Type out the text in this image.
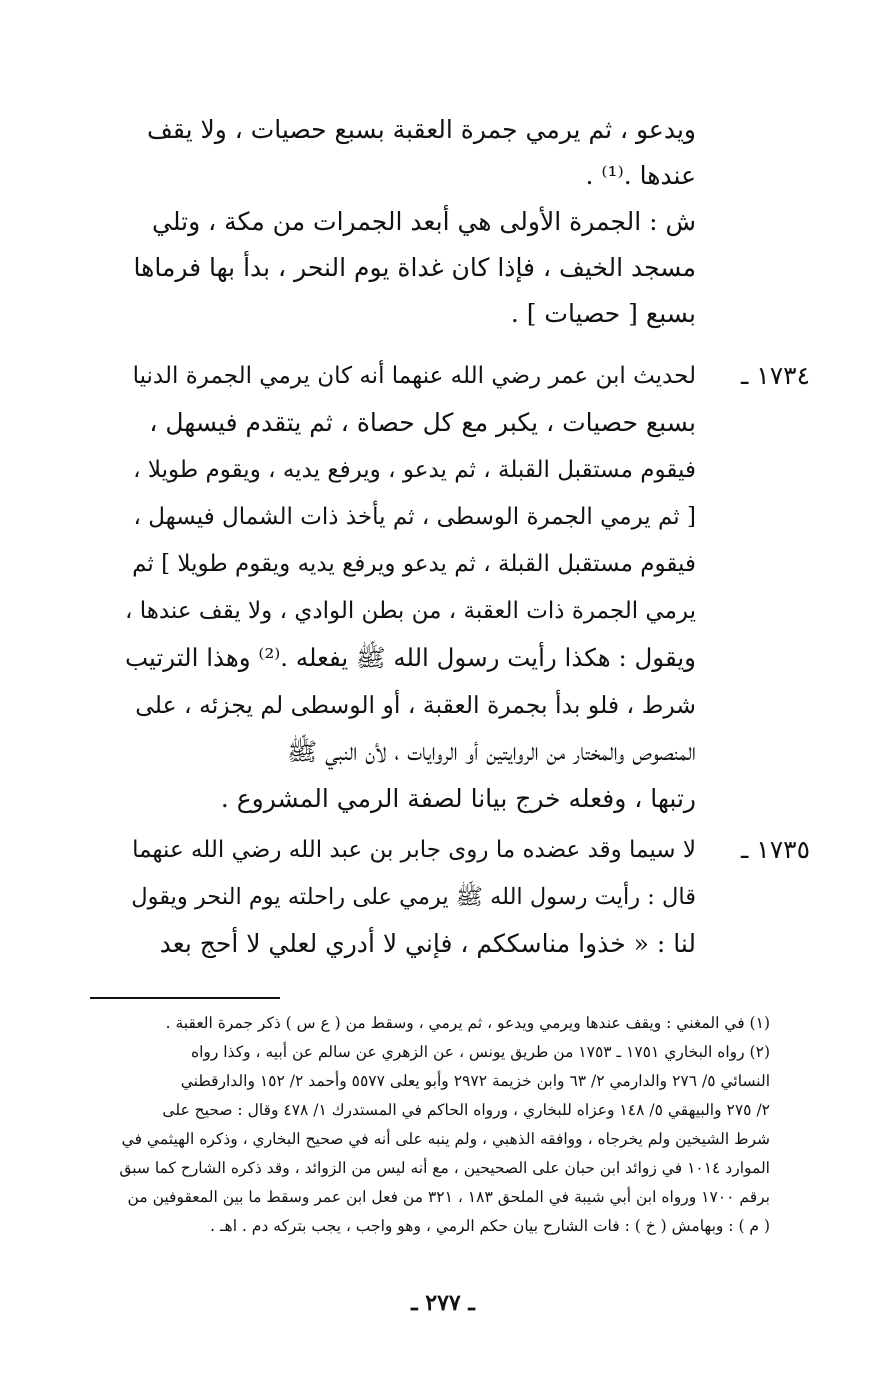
ويدعو ، ثم يرمي جمرة العقبة بسبع حصيات ، ولا يقف
عندها .⁽¹⁾ .
ش : الجمرة الأولى هي أبعد الجمرات من مكة ، وتلي
مسجد الخيف ، فإذا كان غداة يوم النحر ، بدأ بها فرماها
بسبع [ حصيات ] .
١٧٣٤ ـ
لحديث ابن عمر رضي الله عنهما أنه كان يرمي الجمرة الدنيا
بسبع حصيات ، يكبر مع كل حصاة ، ثم يتقدم فيسهل ،
فيقوم مستقبل القبلة ، ثم يدعو ، ويرفع يديه ، ويقوم طويلا ،
[ ثم يرمي الجمرة الوسطى ، ثم يأخذ ذات الشمال فيسهل ،
فيقوم مستقبل القبلة ، ثم يدعو ويرفع يديه ويقوم طويلا ] ثم
يرمي الجمرة ذات العقبة ، من بطن الوادي ، ولا يقف عندها ،
ويقول : هكذا رأيت رسول الله ﷺ يفعله .⁽²⁾ وهذا الترتيب
شرط ، فلو بدأ بجمرة العقبة ، أو الوسطى لم يجزئه ، على
المنصوص والمختار من الروايتين أو الروايات ، لأن النبي ﷺ
رتبها ، وفعله خرج بيانا لصفة الرمي المشروع .
١٧٣٥ ـ
لا سيما وقد عضده ما روى جابر بن عبد الله رضي الله عنهما
قال : رأيت رسول الله ﷺ يرمي على راحلته يوم النحر ويقول
لنا : « خذوا مناسككم ، فإني لا أدري لعلي لا أحج بعد
(١) في المغني : ويقف عندها ويرمي ويدعو ، ثم يرمي ، وسقط من ( ع س ) ذكر جمرة العقبة .
(٢) رواه البخاري ١٧٥١ ـ ١٧٥٣ من طريق يونس ، عن الزهري عن سالم عن أبيه ، وكذا رواه
النسائي ٥/ ٢٧٦ والدارمي ٢/ ٦٣ وابن خزيمة ٢٩٧٢ وأبو يعلى ٥٥٧٧ وأحمد ٢/ ١٥٢ والدارقطني
٢/ ٢٧٥ والبيهقي ٥/ ١٤٨ وعزاه للبخاري ، ورواه الحاكم في المستدرك ١/ ٤٧٨ وقال : صحيح على
شرط الشيخين ولم يخرجاه ، ووافقه الذهبي ، ولم ينبه على أنه في صحيح البخاري ، وذكره الهيثمي في
الموارد ١٠١٤ في زوائد ابن حبان على الصحيحين ، مع أنه ليس من الزوائد ، وقد ذكره الشارح كما سبق
برقم ١٧٠٠ ورواه ابن أبي شيبة في الملحق ١٨٣ ، ٣٢١ من فعل ابن عمر وسقط ما بين المعقوفين من
( م ) : وبهامش ( خ ) : فات الشارح بيان حكم الرمي ، وهو واجب ، يجب بتركه دم . اهـ .
ـ ٢٧٧ ـ
